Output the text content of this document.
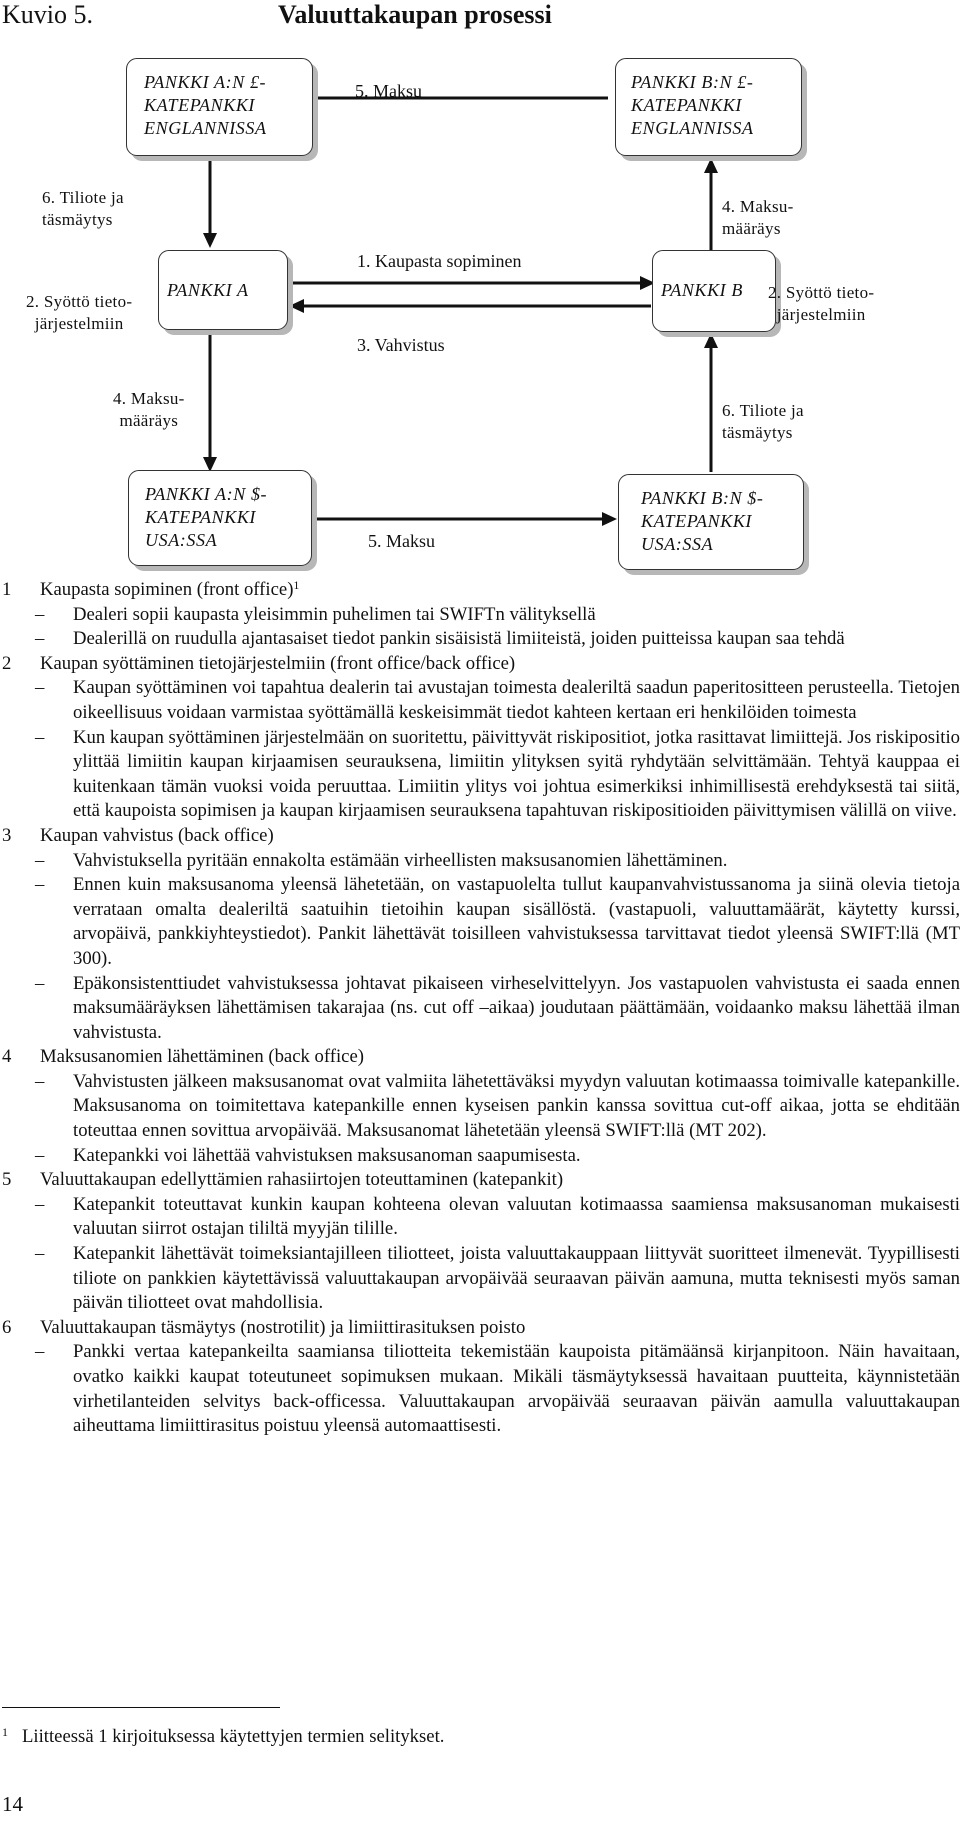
Kuvio 5.	Valuuttakaupan prosessi
PANKKI A:N £-
KATEPANKKI
ENGLANNISSA
PANKKI B:N £-
KATEPANKKI
ENGLANNISSA
PANKKI A	PANKKI B
PANKKI A:N $-
KATEPANKKI
USA:SSA
PANKKI B:N $-
KATEPANKKI
USA:SSA
5. Maksu
1. Kaupasta sopiminen
3. Vahvistus
5. Maksu
6. Tiliote ja
täsmäytys
2. Syöttö tieto-
järjestelmiin
4. Maksu-
määräys
4. Maksu-
määräys
2. Syöttö tieto-
järjestelmiin
6. Tiliote ja
täsmäytys
1 Kaupasta sopiminen (front office)$^1$
– Dealeri sopii kaupasta yleisimmin puhelimen tai SWIFTn välityksellä
– Dealerillä on ruudulla ajantasaiset tiedot pankin sisäisistä limiiteistä, joiden puitteissa kaupan saa tehdä
2 Kaupan syöttäminen tietojärjestelmiin (front office/back office)
– Kaupan syöttäminen voi tapahtua dealerin tai avustajan toimesta dealeriltä saadun paperitositteen perusteella. Tietojen oikeellisuus voidaan varmistaa syöttämällä keskeisimmät tiedot kahteen kertaan eri henkilöiden toimesta
– Kun kaupan syöttäminen järjestelmään on suoritettu, päivittyvät riskipositiot, jotka rasittavat limiittejä. Jos riskipositio ylittää limiitin kaupan kirjaamisen seurauksena, limiitin ylityksen syitä ryhdytään selvittämään. Tehtyä kauppaa ei kuitenkaan tämän vuoksi voida peruuttaa. Limiitin ylitys voi johtua esimerkiksi inhimillisestä erehdyksestä tai siitä, että kaupoista sopimisen ja kaupan kirjaamisen seurauksena tapahtuvan riskipositioiden päivittymisen välillä on viive.
3 Kaupan vahvistus (back office)
– Vahvistuksella pyritään ennakolta estämään virheellisten maksusanomien lähettäminen.
– Ennen kuin maksusanoma yleensä lähetetään, on vastapuolelta tullut kaupanvahvistussanoma ja siinä olevia tietoja verrataan omalta dealeriltä saatuihin tietoihin kaupan sisällöstä. (vastapuoli, valuuttamäärät, käytetty kurssi, arvopäivä, pankkiyhteystiedot). Pankit lähettävät toisilleen vahvistuksessa tarvittavat tiedot yleensä SWIFT:llä (MT 300).
– Epäkonsistenttiudet vahvistuksessa johtavat pikaiseen virheselvittelyyn. Jos vastapuolen vahvistusta ei saada ennen maksumääräyksen lähettämisen takarajaa (ns. cut off –aikaa) joudutaan päättämään, voidaanko maksu lähettää ilman vahvistusta.
4 Maksusanomien lähettäminen (back office)
– Vahvistusten jälkeen maksusanomat ovat valmiita lähetettäväksi myydyn valuutan kotimaassa toimivalle katepankille. Maksusanoma on toimitettava katepankille ennen kyseisen pankin kanssa sovittua cut-off aikaa, jotta se ehditään toteuttaa ennen sovittua arvopäivää. Maksusanomat lähetetään yleensä SWIFT:llä (MT 202).
– Katepankki voi lähettää vahvistuksen maksusanoman saapumisesta.
5 Valuuttakaupan edellyttämien rahasiirtojen toteuttaminen (katepankit)
– Katepankit toteuttavat kunkin kaupan kohteena olevan valuutan kotimaassa saamiensa maksusanoman mukaisesti valuutan siirrot ostajan tililtä myyjän tilille.
– Katepankit lähettävät toimeksiantajilleen tiliotteet, joista valuuttakauppaan liittyvät suoritteet ilmenevät. Tyypillisesti tiliote on pankkien käytettävissä valuuttakaupan arvopäivää seuraavan päivän aamuna, mutta teknisesti myös saman päivän tiliotteet ovat mahdollisia.
6 Valuuttakaupan täsmäytys (nostrotilit) ja limiittirasituksen poisto
– Pankki vertaa katepankeilta saamiansa tiliotteita tekemistään kaupoista pitämäänsä kirjanpitoon. Näin havaitaan, ovatko kaikki kaupat toteutuneet sopimuksen mukaan. Mikäli täsmäytyksessä havaitaan puutteita, käynnistetään virhetilanteiden selvitys back-officessa. Valuuttakaupan arvopäivää seuraavan päivän aamulla valuuttakaupan aiheuttama limiittirasitus poistuu yleensä automaattisesti.
$^1$ Liitteessä 1 kirjoituksessa käytettyjen termien selitykset.
14
